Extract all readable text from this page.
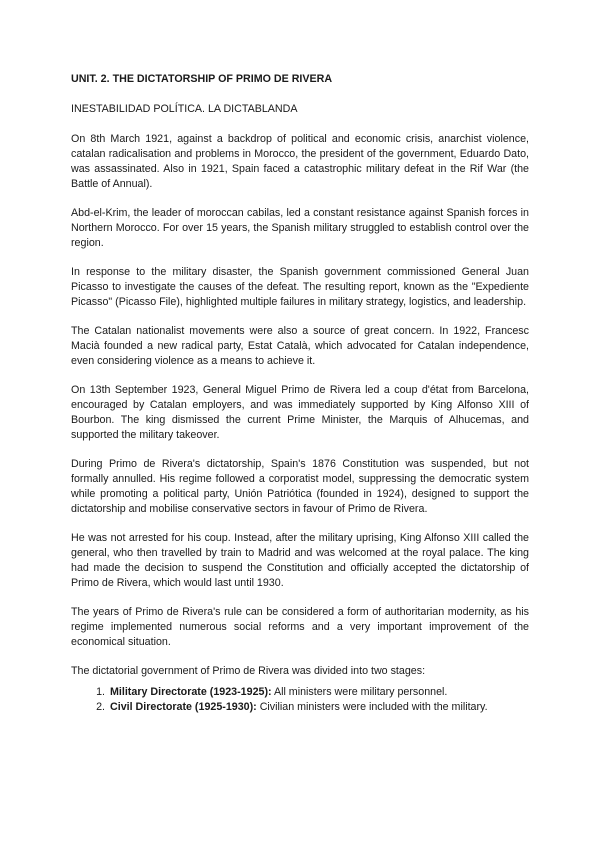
UNIT. 2. THE DICTATORSHIP OF PRIMO DE RIVERA
INESTABILIDAD POLÍTICA. LA DICTABLANDA

On 8th March 1921, against a backdrop of political and economic crisis, anarchist violence, catalan radicalisation and problems in Morocco, the president of the government, Eduardo Dato, was assassinated. Also in 1921, Spain faced a catastrophic military defeat in the Rif War (the Battle of Annual).

Abd-el-Krim, the leader of moroccan cabilas, led a constant resistance against Spanish forces in Northern Morocco. For over 15 years, the Spanish military struggled to establish control over the region.

In response to the military disaster, the Spanish government commissioned General Juan Picasso to investigate the causes of the defeat. The resulting report, known as the "Expediente Picasso" (Picasso File), highlighted multiple failures in military strategy, logistics, and leadership.

The Catalan nationalist movements were also a source of great concern. In 1922, Francesc Macià founded a new radical party, Estat Català, which advocated for Catalan independence, even considering violence as a means to achieve it.

On 13th September 1923, General Miguel Primo de Rivera led a coup d'état from Barcelona, encouraged by Catalan employers, and was immediately supported by King Alfonso XIII of Bourbon. The king dismissed the current Prime Minister, the Marquis of Alhucemas, and supported the military takeover.

During Primo de Rivera's dictatorship, Spain's 1876 Constitution was suspended, but not formally annulled. His regime followed a corporatist model, suppressing the democratic system while promoting a political party, Unión Patriótica (founded in 1924), designed to support the dictatorship and mobilise conservative sectors in favour of Primo de Rivera.

He was not arrested for his coup. Instead, after the military uprising, King Alfonso XIII called the general, who then travelled by train to Madrid and was welcomed at the royal palace. The king had made the decision to suspend the Constitution and officially accepted the dictatorship of Primo de Rivera, which would last until 1930.

The years of Primo de Rivera's rule can be considered a form of authoritarian modernity, as his regime implemented numerous social reforms and a very important improvement of the economical situation.

The dictatorial government of Primo de Rivera was divided into two stages:

1. Military Directorate (1923-1925): All ministers were military personnel.
2. Civil Directorate (1925-1930): Civilian ministers were included with the military.
